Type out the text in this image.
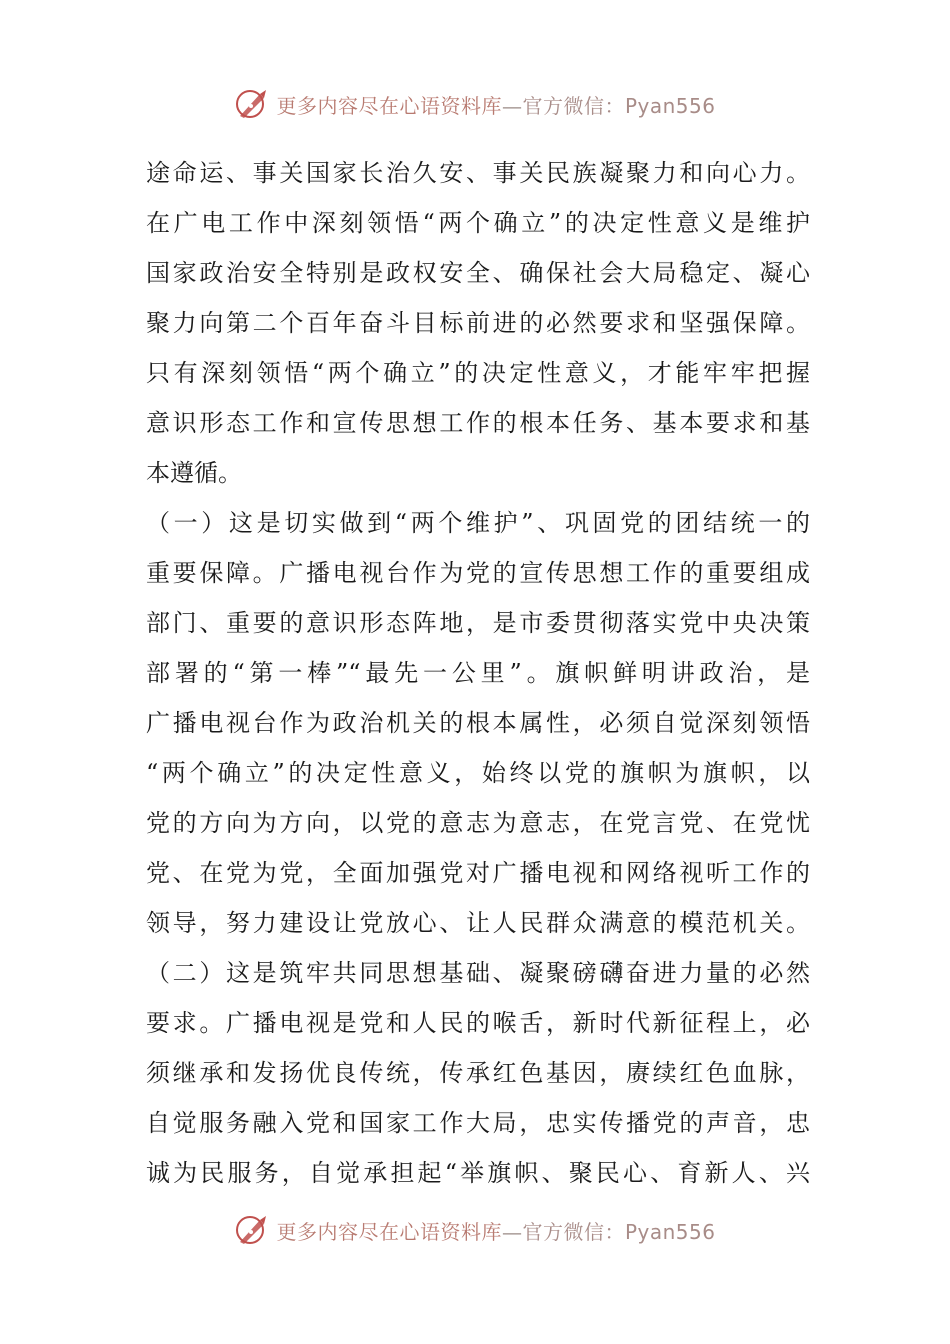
更多内容尽在心语资料库—官方微信：Pyan556
途命运、事关国家长治久安、事关民族凝聚力和向心力。
在广电工作中深刻领悟“两个确立”的决定性意义是维护
国家政治安全特别是政权安全、确保社会大局稳定、凝心
聚力向第二个百年奋斗目标前进的必然要求和坚强保障。
只有深刻领悟“两个确立”的决定性意义，才能牢牢把握
意识形态工作和宣传思想工作的根本任务、基本要求和基
本遵循。
（一）这是切实做到“两个维护”、巩固党的团结统一的
重要保障。广播电视台作为党的宣传思想工作的重要组成
部门、重要的意识形态阵地，是市委贯彻落实党中央决策
部署的“第一棒”“最先一公里”。旗帜鲜明讲政治，是
广播电视台作为政治机关的根本属性，必须自觉深刻领悟
“两个确立”的决定性意义，始终以党的旗帜为旗帜，以
党的方向为方向，以党的意志为意志，在党言党、在党忧
党、在党为党，全面加强党对广播电视和网络视听工作的
领导，努力建设让党放心、让人民群众满意的模范机关。
（二）这是筑牢共同思想基础、凝聚磅礴奋进力量的必然
要求。广播电视是党和人民的喉舌，新时代新征程上，必
须继承和发扬优良传统，传承红色基因，赓续红色血脉，
自觉服务融入党和国家工作大局，忠实传播党的声音，忠
诚为民服务，自觉承担起“举旗帜、聚民心、育新人、兴
更多内容尽在心语资料库—官方微信：Pyan556
